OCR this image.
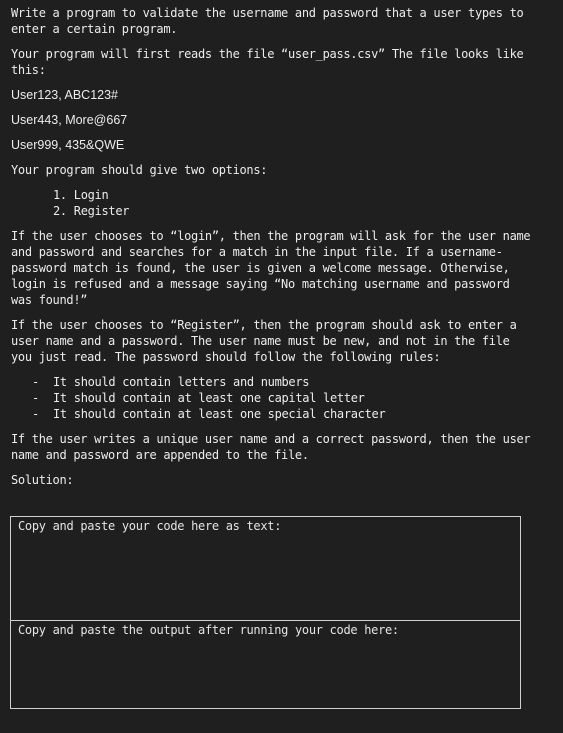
Write a program to validate the username and password that a user types to enter a certain program.

Your program will first reads the file “user_pass.csv” The file looks like this:

User123, ABC123#
User443, More@667
User999, 435&QWE

Your program should give two options:

1. Login
2. Register

If the user chooses to “login”, then the program will ask for the user name and password and searches for a match in the input file. If a username-password match is found, the user is given a welcome message. Otherwise, login is refused and a message saying “No matching username and password was found!”

If the user chooses to “Register”, then the program should ask to enter a user name and a password. The user name must be new, and not in the file you just read. The password should follow the following rules:

- It should contain letters and numbers
- It should contain at least one capital letter
- It should contain at least one special character

If the user writes a unique user name and a correct password, then the user name and password are appended to the file.

Solution:

Copy and paste your code here as text:
Copy and paste the output after running your code here:
